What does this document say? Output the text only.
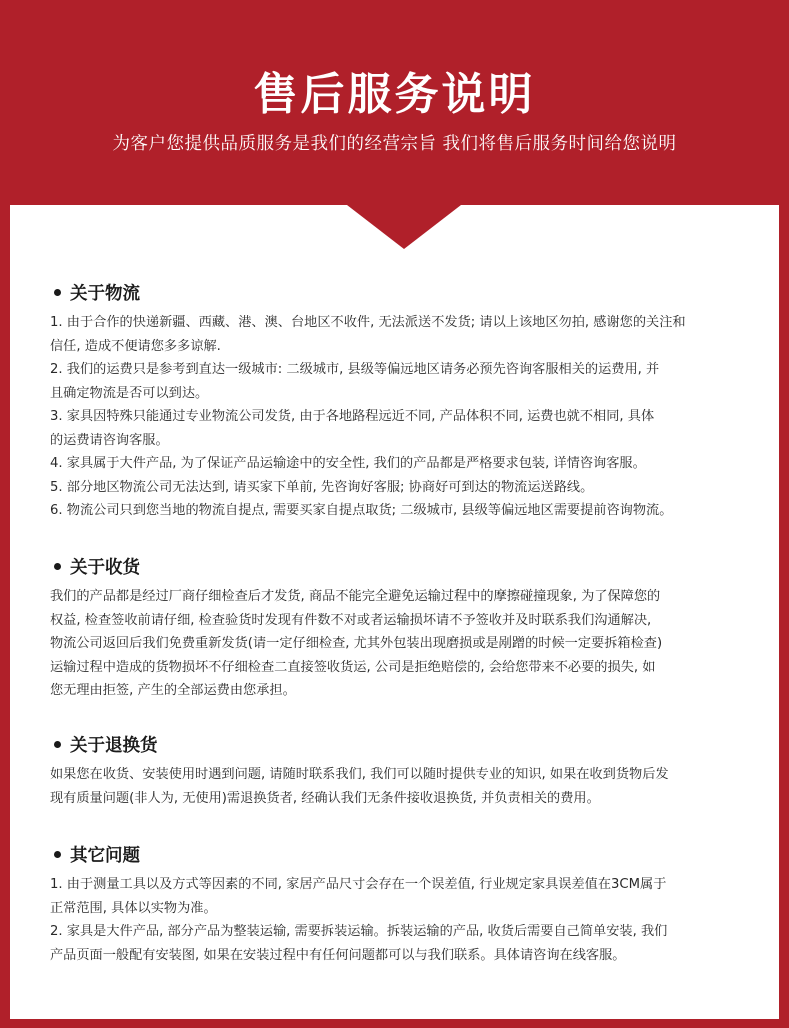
售后服务说明
为客户您提供品质服务是我们的经营宗旨 我们将售后服务时间给您说明
关于物流
1. 由于合作的快递新疆、西藏、港、澳、台地区不收件, 无法派送不发货; 请以上该地区勿拍, 感谢您的关注和
信任, 造成不便请您多多谅解.
2. 我们的运费只是参考到直达一级城市: 二级城市, 县级等偏远地区请务必预先咨询客服相关的运费用, 并
且确定物流是否可以到达。
3. 家具因特殊只能通过专业物流公司发货, 由于各地路程远近不同, 产品体积不同, 运费也就不相同, 具体
的运费请咨询客服。
4. 家具属于大件产品, 为了保证产品运输途中的安全性, 我们的产品都是严格要求包装, 详情咨询客服。
5. 部分地区物流公司无法达到, 请买家下单前, 先咨询好客服; 协商好可到达的物流运送路线。
6. 物流公司只到您当地的物流自提点, 需要买家自提点取货; 二级城市, 县级等偏远地区需要提前咨询物流。
关于收货
我们的产品都是经过厂商仔细检查后才发货, 商品不能完全避免运输过程中的摩擦碰撞现象, 为了保障您的
权益, 检查签收前请仔细, 检查验货时发现有件数不对或者运输损坏请不予签收并及时联系我们沟通解决,
物流公司返回后我们免费重新发货(请一定仔细检查, 尤其外包装出现磨损或是剐蹭的时候一定要拆箱检查)
运输过程中造成的货物损坏不仔细检查二直接签收货运, 公司是拒绝赔偿的, 会给您带来不必要的损失, 如
您无理由拒签, 产生的全部运费由您承担。
关于退换货
如果您在收货、安装使用时遇到问题, 请随时联系我们, 我们可以随时提供专业的知识, 如果在收到货物后发
现有质量问题(非人为, 无使用)需退换货者, 经确认我们无条件接收退换货, 并负责相关的费用。
其它问题
1. 由于测量工具以及方式等因素的不同, 家居产品尺寸会存在一个误差值, 行业规定家具误差值在3CM属于
正常范围, 具体以实物为准。
2. 家具是大件产品, 部分产品为整装运输, 需要拆装运输。拆装运输的产品, 收货后需要自己简单安装, 我们
产品页面一般配有安装图, 如果在安装过程中有任何问题都可以与我们联系。具体请咨询在线客服。
